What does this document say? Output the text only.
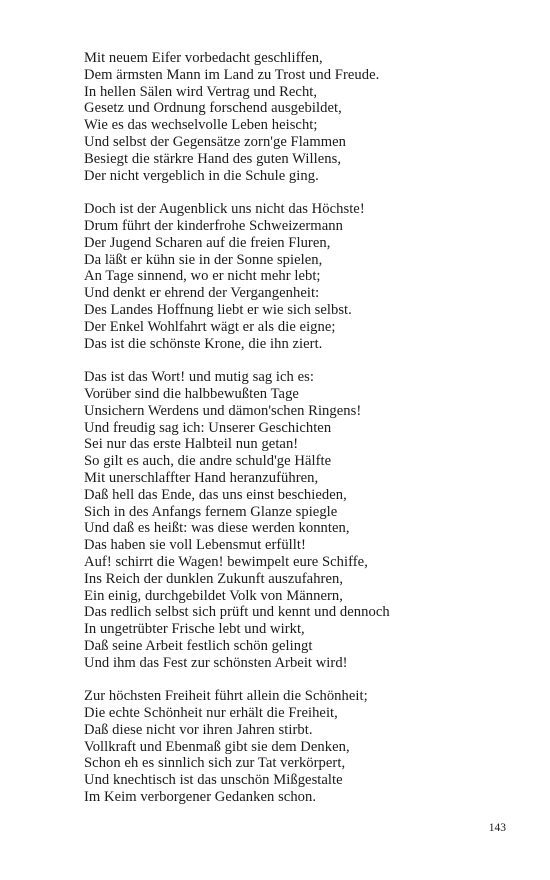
Mit neuem Eifer vorbedacht geschliffen,
Dem ärmsten Mann im Land zu Trost und Freude.
In hellen Sälen wird Vertrag und Recht,
Gesetz und Ordnung forschend ausgebildet,
Wie es das wechselvolle Leben heischt;
Und selbst der Gegensätze zorn'ge Flammen
Besiegt die stärkre Hand des guten Willens,
Der nicht vergeblich in die Schule ging.
Doch ist der Augenblick uns nicht das Höchste!
Drum führt der kinderfrohe Schweizermann
Der Jugend Scharen auf die freien Fluren,
Da läßt er kühn sie in der Sonne spielen,
An Tage sinnend, wo er nicht mehr lebt;
Und denkt er ehrend der Vergangenheit:
Des Landes Hoffnung liebt er wie sich selbst.
Der Enkel Wohlfahrt wägt er als die eigne;
Das ist die schönste Krone, die ihn ziert.
Das ist das Wort! und mutig sag ich es:
Vorüber sind die halbbewußten Tage
Unsichern Werdens und dämon'schen Ringens!
Und freudig sag ich: Unserer Geschichten
Sei nur das erste Halbteil nun getan!
So gilt es auch, die andre schuld'ge Hälfte
Mit unerschlaffter Hand heranzuführen,
Daß hell das Ende, das uns einst beschieden,
Sich in des Anfangs fernem Glanze spiegle
Und daß es heißt: was diese werden konnten,
Das haben sie voll Lebensmut erfüllt!
Auf! schirrt die Wagen! bewimpelt eure Schiffe,
Ins Reich der dunklen Zukunft auszufahren,
Ein einig, durchgebildet Volk von Männern,
Das redlich selbst sich prüft und kennt und dennoch
In ungetrübter Frische lebt und wirkt,
Daß seine Arbeit festlich schön gelingt
Und ihm das Fest zur schönsten Arbeit wird!
Zur höchsten Freiheit führt allein die Schönheit;
Die echte Schönheit nur erhält die Freiheit,
Daß diese nicht vor ihren Jahren stirbt.
Vollkraft und Ebenmaß gibt sie dem Denken,
Schon eh es sinnlich sich zur Tat verkörpert,
Und knechtisch ist das unschön Mißgestalte
Im Keim verborgener Gedanken schon.
143
